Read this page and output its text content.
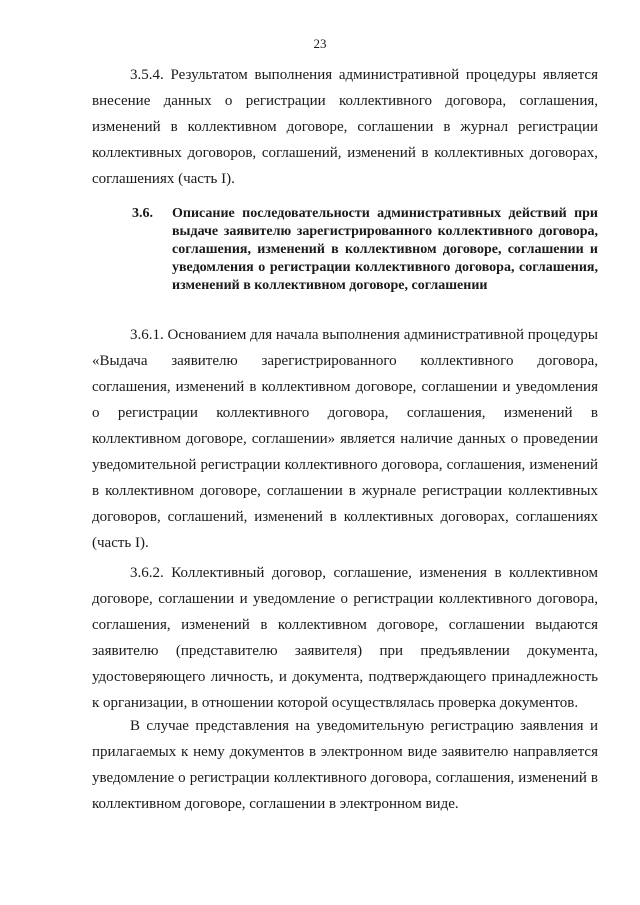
23
3.5.4. Результатом выполнения административной процедуры является внесение данных о регистрации коллективного договора, соглашения, изменений в коллективном договоре, соглашении в журнал регистрации коллективных договоров, соглашений, изменений в коллективных договорах, соглашениях (часть I).
3.6. Описание последовательности административных действий при выдаче заявителю зарегистрированного коллективного договора, соглашения, изменений в коллективном договоре, соглашении и уведомления о регистрации коллективного договора, соглашения, изменений в коллективном договоре, соглашении
3.6.1. Основанием для начала выполнения административной процедуры «Выдача заявителю зарегистрированного коллективного договора, соглашения, изменений в коллективном договоре, соглашении и уведомления о регистрации коллективного договора, соглашения, изменений в коллективном договоре, соглашении» является наличие данных о проведении уведомительной регистрации коллективного договора, соглашения, изменений в коллективном договоре, соглашении в журнале регистрации коллективных договоров, соглашений, изменений в коллективных договорах, соглашениях (часть I).
3.6.2. Коллективный договор, соглашение, изменения в коллективном договоре, соглашении и уведомление о регистрации коллективного договора, соглашения, изменений в коллективном договоре, соглашении выдаются заявителю (представителю заявителя) при предъявлении документа, удостоверяющего личность, и документа, подтверждающего принадлежность к организации, в отношении которой осуществлялась проверка документов.
В случае представления на уведомительную регистрацию заявления и прилагаемых к нему документов в электронном виде заявителю направляется уведомление о регистрации коллективного договора, соглашения, изменений в коллективном договоре, соглашении в электронном виде.
